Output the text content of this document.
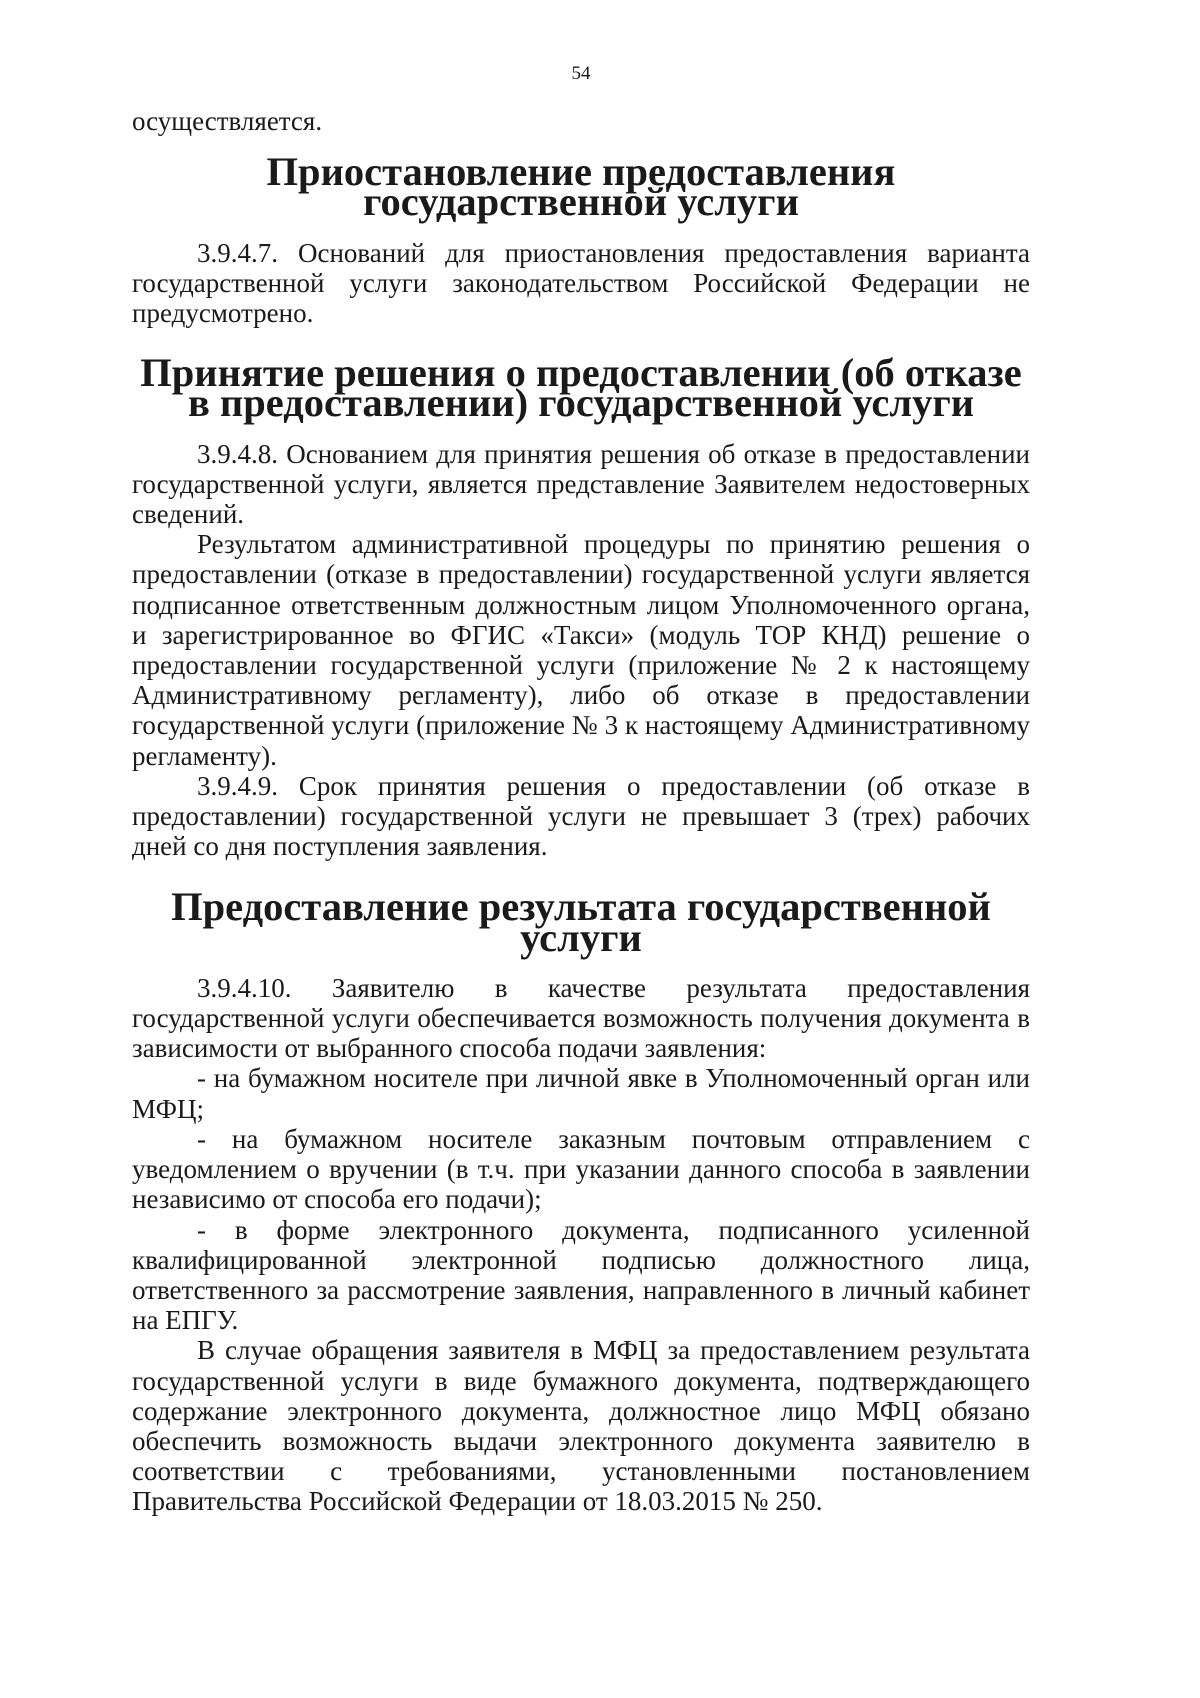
54

осуществляется.

Приостановление предоставления государственной услуги

3.9.4.7. Оснований для приостановления предоставления варианта государственной услуги законодательством Российской Федерации не предусмотрено.

Принятие решения о предоставлении (об отказе в предоставлении) государственной услуги

3.9.4.8. Основанием для принятия решения об отказе в предоставлении государственной услуги, является представление Заявителем недостоверных сведений.

Результатом административной процедуры по принятию решения о предоставлении (отказе в предоставлении) государственной услуги является подписанное ответственным должностным лицом Уполномоченного органа, и зарегистрированное во ФГИС «Такси» (модуль ТОР КНД) решение о предоставлении государственной услуги (приложение № 2 к настоящему Административному регламенту), либо об отказе в предоставлении государственной услуги (приложение № 3 к настоящему Административному регламенту).

3.9.4.9. Срок принятия решения о предоставлении (об отказе в предоставлении) государственной услуги не превышает 3 (трех) рабочих дней со дня поступления заявления.

Предоставление результата государственной услуги

3.9.4.10. Заявителю в качестве результата предоставления государственной услуги обеспечивается возможность получения документа в зависимости от выбранного способа подачи заявления:

- на бумажном носителе при личной явке в Уполномоченный орган или МФЦ;

- на бумажном носителе заказным почтовым отправлением с уведомлением о вручении (в т.ч. при указании данного способа в заявлении независимо от способа его подачи);

- в форме электронного документа, подписанного усиленной квалифицированной электронной подписью должностного лица, ответственного за рассмотрение заявления, направленного в личный кабинет на ЕПГУ.

В случае обращения заявителя в МФЦ за предоставлением результата государственной услуги в виде бумажного документа, подтверждающего содержание электронного документа, должностное лицо МФЦ обязано обеспечить возможность выдачи электронного документа заявителю в соответствии с требованиями, установленными постановлением Правительства Российской Федерации от 18.03.2015 № 250.
